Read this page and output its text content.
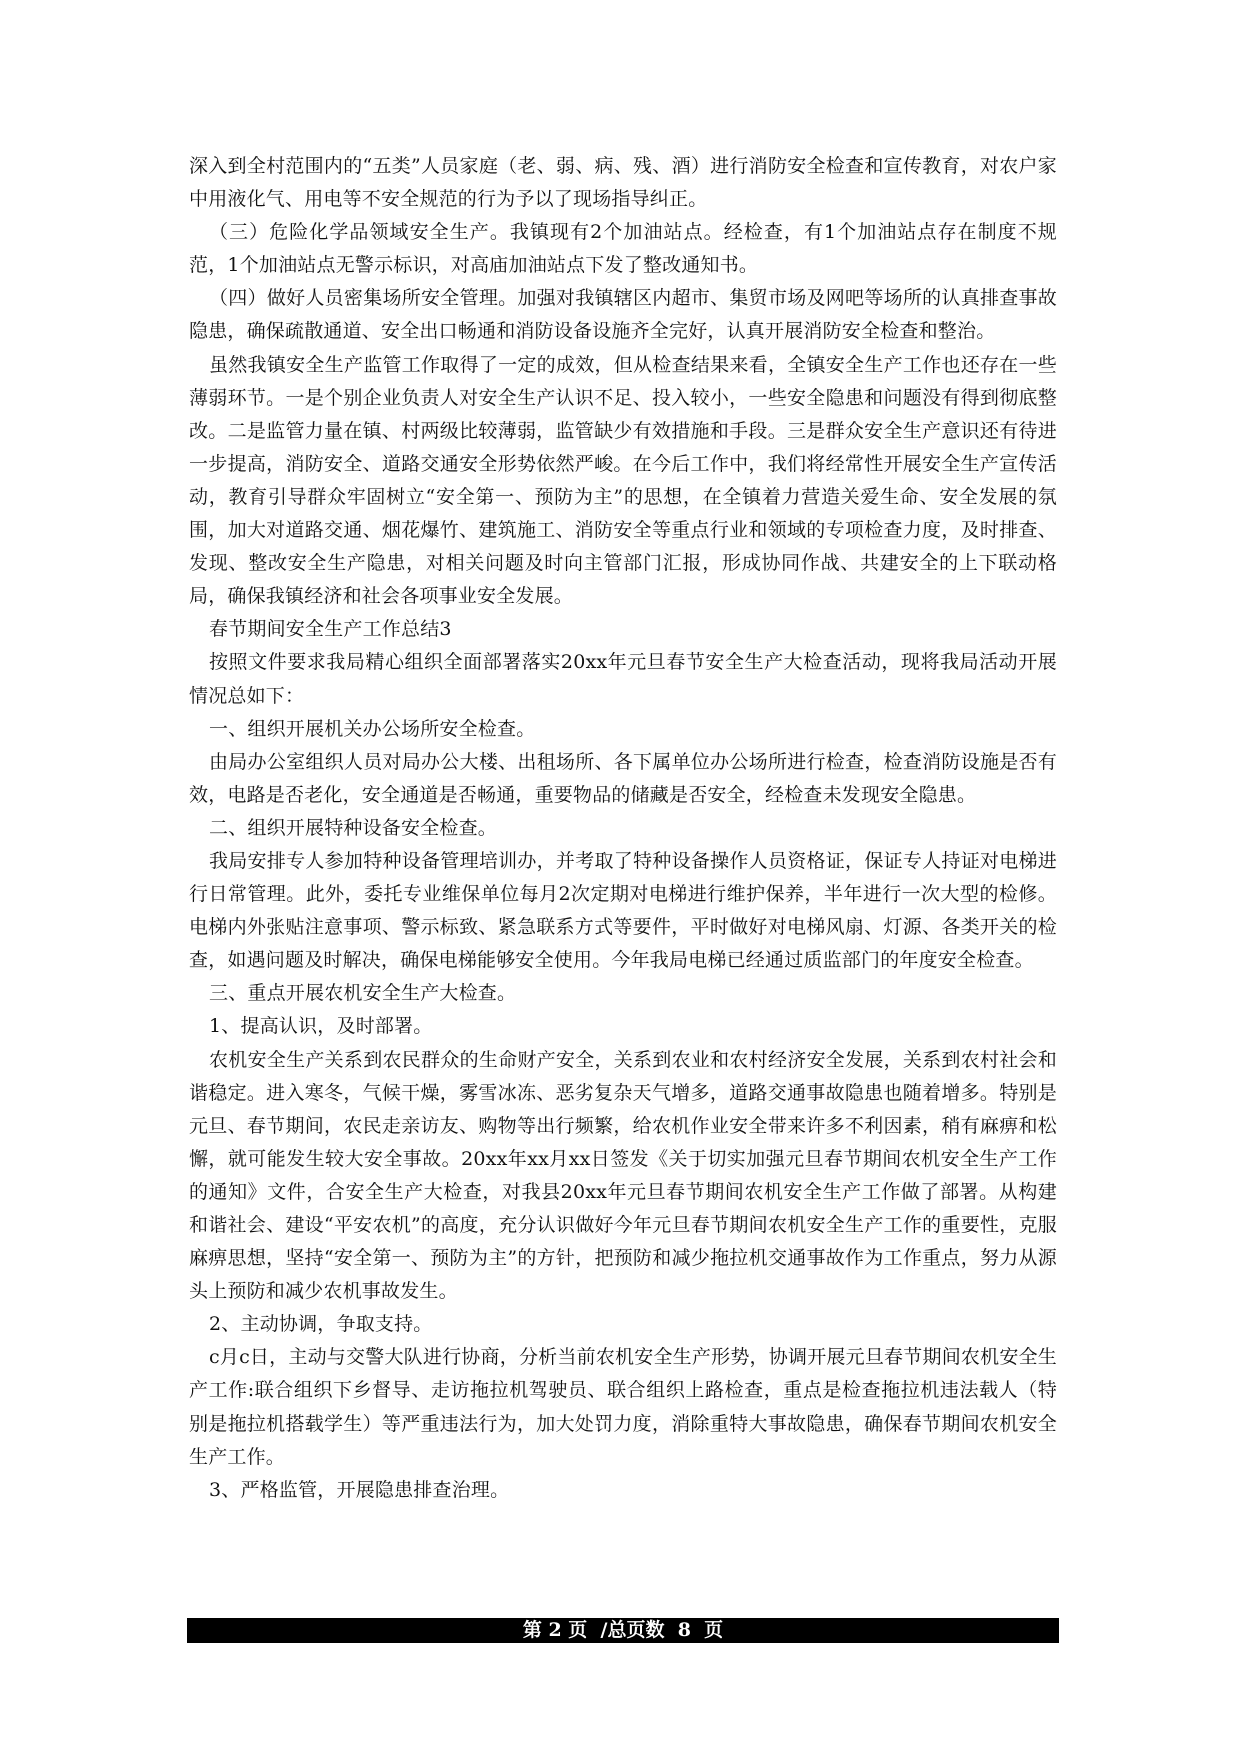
深入到全村范围内的“五类”人员家庭（老、弱、病、残、酒）进行消防安全检查和宣传教育，对农户家中用液化气、用电等不安全规范的行为予以了现场指导纠正。

（三）危险化学品领域安全生产。我镇现有2个加油站点。经检查，有1个加油站点存在制度不规范，1个加油站点无警示标识，对高庙加油站点下发了整改通知书。

（四）做好人员密集场所安全管理。加强对我镇辖区内超市、集贸市场及网吧等场所的认真排查事故隐患，确保疏散通道、安全出口畅通和消防设备设施齐全完好，认真开展消防安全检查和整治。

虽然我镇安全生产监管工作取得了一定的成效，但从检查结果来看，全镇安全生产工作也还存在一些薄弱环节。一是个别企业负责人对安全生产认识不足、投入较小，一些安全隐患和问题没有得到彻底整改。二是监管力量在镇、村两级比较薄弱，监管缺少有效措施和手段。三是群众安全生产意识还有待进一步提高，消防安全、道路交通安全形势依然严峻。在今后工作中，我们将经常性开展安全生产宣传活动，教育引导群众牢固树立“安全第一、预防为主”的思想，在全镇着力营造关爱生命、安全发展的氛围，加大对道路交通、烟花爆竹、建筑施工、消防安全等重点行业和领域的专项检查力度，及时排查、发现、整改安全生产隐患，对相关问题及时向主管部门汇报，形成协同作战、共建安全的上下联动格局，确保我镇经济和社会各项事业安全发展。

春节期间安全生产工作总结3

按照文件要求我局精心组织全面部署落实20xx年元旦春节安全生产大检查活动，现将我局活动开展情况总如下：

一、组织开展机关办公场所安全检查。

由局办公室组织人员对局办公大楼、出租场所、各下属单位办公场所进行检查，检查消防设施是否有效，电路是否老化，安全通道是否畅通，重要物品的储藏是否安全，经检查未发现安全隐患。

二、组织开展特种设备安全检查。

我局安排专人参加特种设备管理培训办，并考取了特种设备操作人员资格证，保证专人持证对电梯进行日常管理。此外，委托专业维保单位每月2次定期对电梯进行维护保养，半年进行一次大型的检修。电梯内外张贴注意事项、警示标致、紧急联系方式等要件，平时做好对电梯风扇、灯源、各类开关的检查，如遇问题及时解决，确保电梯能够安全使用。今年我局电梯已经通过质监部门的年度安全检查。

三、重点开展农机安全生产大检查。

1、提高认识，及时部署。

农机安全生产关系到农民群众的生命财产安全，关系到农业和农村经济安全发展，关系到农村社会和谐稳定。进入寒冬，气候干燥，雾雪冰冻、恶劣复杂天气增多，道路交通事故隐患也随着增多。特别是元旦、春节期间，农民走亲访友、购物等出行频繁，给农机作业安全带来许多不利因素，稍有麻痹和松懈，就可能发生较大安全事故。20xx年xx月xx日签发《关于切实加强元旦春节期间农机安全生产工作的通知》文件，合安全生产大检查，对我县20xx年元旦春节期间农机安全生产工作做了部署。从构建和谐社会、建设“平安农机”的高度，充分认识做好今年元旦春节期间农机安全生产工作的重要性，克服麻痹思想，坚持“安全第一、预防为主”的方针，把预防和减少拖拉机交通事故作为工作重点，努力从源头上预防和减少农机事故发生。

2、主动协调，争取支持。

c月c日，主动与交警大队进行协商，分析当前农机安全生产形势，协调开展元旦春节期间农机安全生产工作:联合组织下乡督导、走访拖拉机驾驶员、联合组织上路检查，重点是检查拖拉机违法载人（特别是拖拉机搭载学生）等严重违法行为，加大处罚力度，消除重特大事故隐患，确保春节期间农机安全生产工作。

3、严格监管，开展隐患排查治理。

第 2 页  /总页数  8  页
